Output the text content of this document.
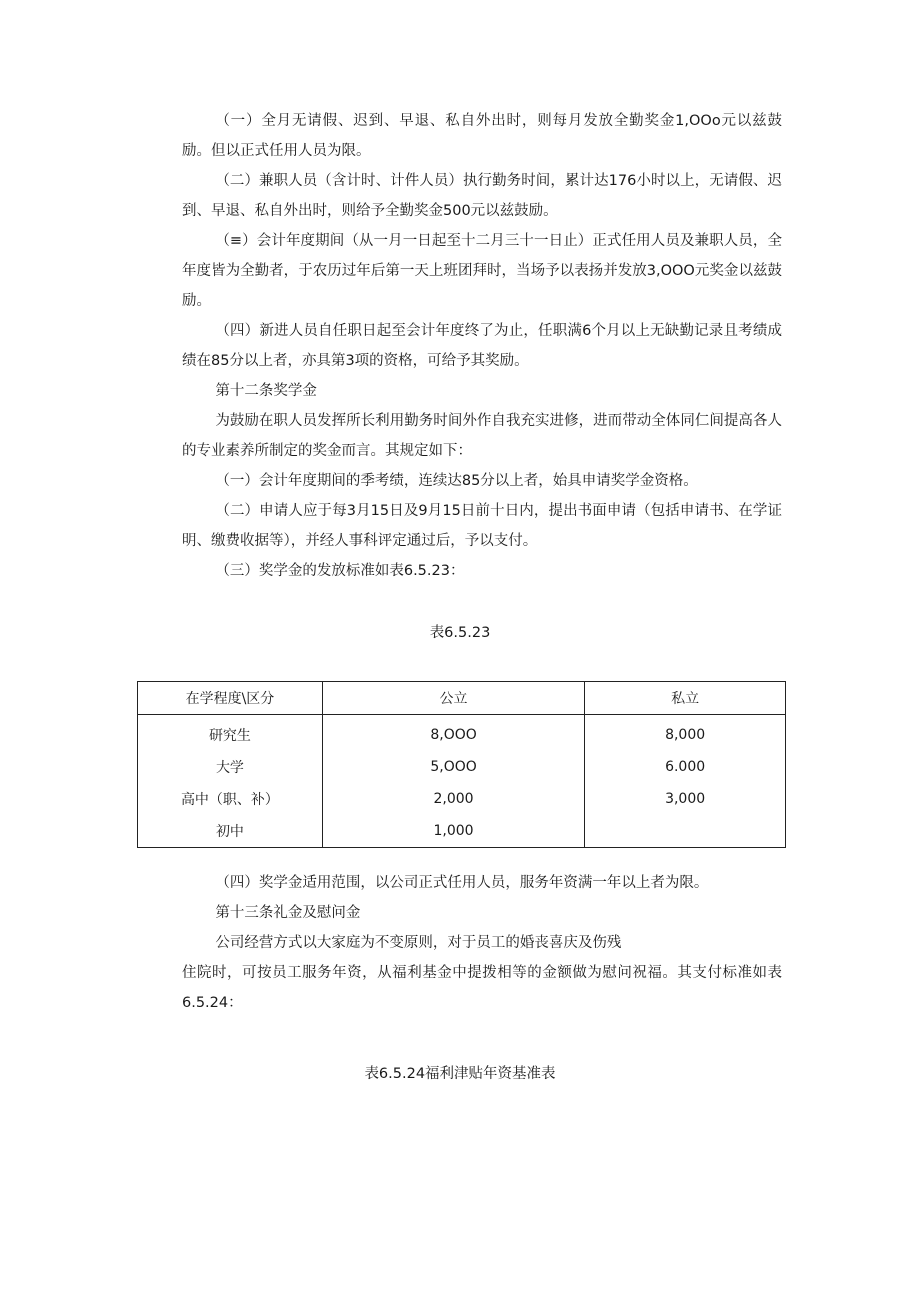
（一）全月无请假、迟到、早退、私自外出时，则每月发放全勤奖金1,OOo元以兹鼓励。但以正式任用人员为限。

（二）兼职人员（含计时、计件人员）执行勤务时间，累计达176小时以上，无请假、迟到、早退、私自外出时，则给予全勤奖金500元以兹鼓励。

（≡）会计年度期间（从一月一日起至十二月三十一日止）正式任用人员及兼职人员，全年度皆为全勤者，于农历过年后第一天上班团拜时，当场予以表扬并发放3,OOO元奖金以兹鼓励。

（四）新进人员自任职日起至会计年度终了为止，任职满6个月以上无缺勤记录且考绩成绩在85分以上者，亦具第3项的资格，可给予其奖励。

第十二条奖学金

为鼓励在职人员发挥所长利用勤务时间外作自我充实进修，进而带动全体同仁间提高各人的专业素养所制定的奖金而言。其规定如下：

（一）会计年度期间的季考绩，连续达85分以上者，始具申请奖学金资格。

（二）申请人应于每3月15日及9月15日前十日内，提出书面申请（包括申请书、在学证明、缴费收据等），并经人事科评定通过后，予以支付。

（三）奖学金的发放标准如表6.5.23：

表6.5.23
在学程度\区分	公立	私立
研究生	8,OOO	8,000
大学	5,OOO	6.000
高中（职、补）	2,000	3,000
初中	1,000	

（四）奖学金适用范围，以公司正式任用人员，服务年资满一年以上者为限。

第十三条礼金及慰问金

公司经营方式以大家庭为不变原则，对于员工的婚丧喜庆及伤残

住院时，可按员工服务年资，从福利基金中提拨相等的金额做为慰问祝福。其支付标准如表6.5.24：

表6.5.24福利津贴年资基准表
